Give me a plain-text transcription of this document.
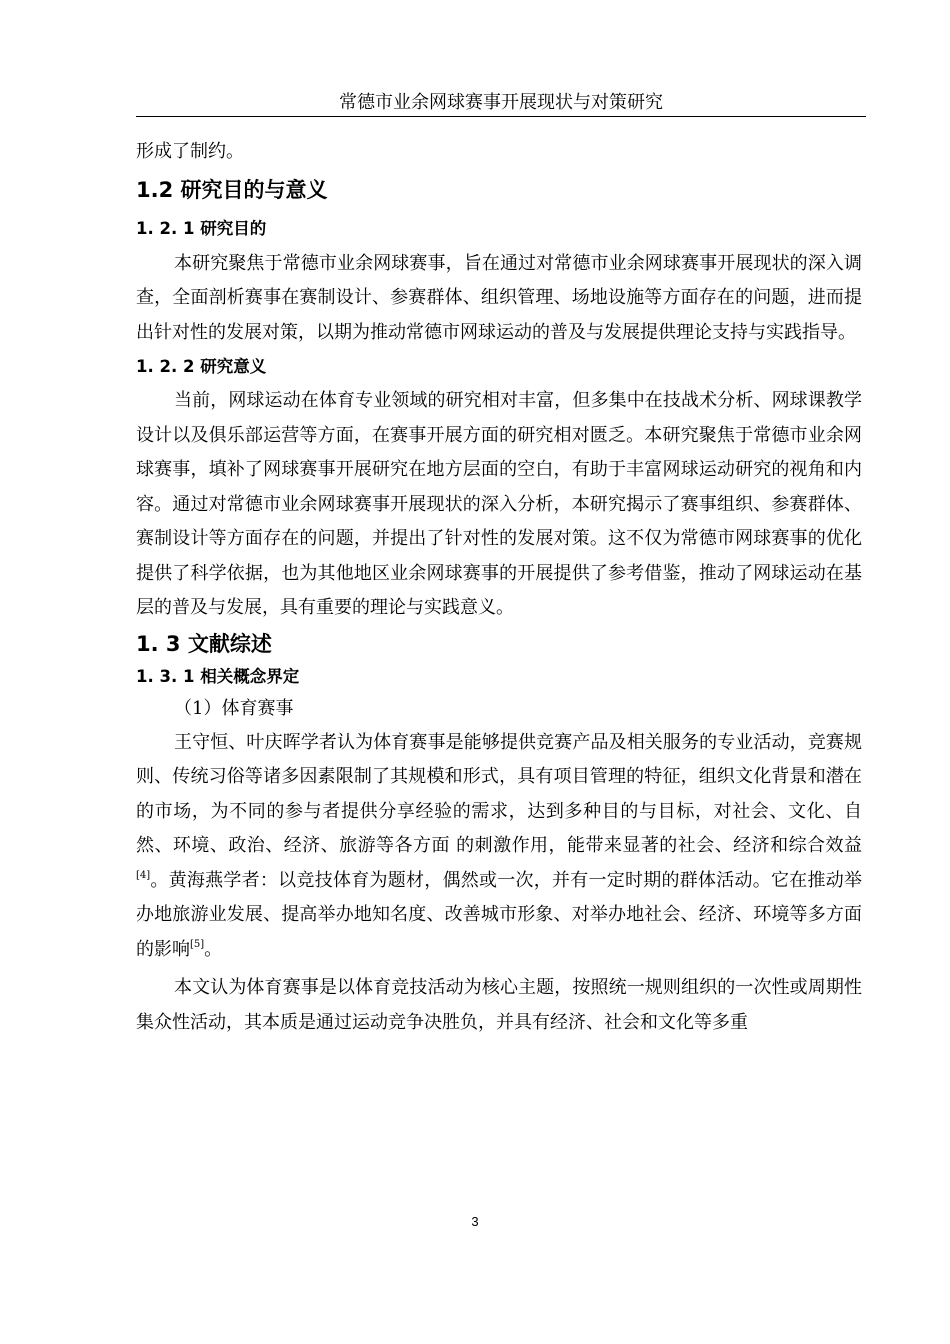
常德市业余网球赛事开展现状与对策研究

形成了制约。

1.2 研究目的与意义
1. 2. 1 研究目的

本研究聚焦于常德市业余网球赛事，旨在通过对常德市业余网球赛事开展现状的深入调查，全面剖析赛事在赛制设计、参赛群体、组织管理、场地设施等方面存在的问题，进而提出针对性的发展对策，以期为推动常德市网球运动的普及与发展提供理论支持与实践指导。

1. 2. 2 研究意义

当前，网球运动在体育专业领域的研究相对丰富，但多集中在技战术分析、网球课教学设计以及俱乐部运营等方面，在赛事开展方面的研究相对匮乏。本研究聚焦于常德市业余网球赛事，填补了网球赛事开展研究在地方层面的空白，有助于丰富网球运动研究的视角和内容。通过对常德市业余网球赛事开展现状的深入分析，本研究揭示了赛事组织、参赛群体、赛制设计等方面存在的问题，并提出了针对性的发展对策。这不仅为常德市网球赛事的优化提供了科学依据，也为其他地区业余网球赛事的开展提供了参考借鉴，推动了网球运动在基层的普及与发展，具有重要的理论与实践意义。

1. 3 文献综述
1. 3. 1 相关概念界定

（1）体育赛事

王守恒、叶庆晖学者认为体育赛事是能够提供竞赛产品及相关服务的专业活动，竞赛规则、传统习俗等诸多因素限制了其规模和形式，具有项目管理的特征，组织文化背景和潜在的市场，为不同的参与者提供分享经验的需求，达到多种目的与目标，对社会、文化、自然、环境、政治、经济、旅游等各方面 的刺激作用，能带来显著的社会、经济和综合效益[4]。黄海燕学者：以竞技体育为题材，偶然或一次，并有一定时期的群体活动。它在推动举办地旅游业发展、提高举办地知名度、改善城市形象、对举办地社会、经济、环境等多方面的影响[5]。

本文认为体育赛事是以体育竞技活动为核心主题，按照统一规则组织的一次性或周期性集众性活动，其本质是通过运动竞争决胜负，并具有经济、社会和文化等多重

3
